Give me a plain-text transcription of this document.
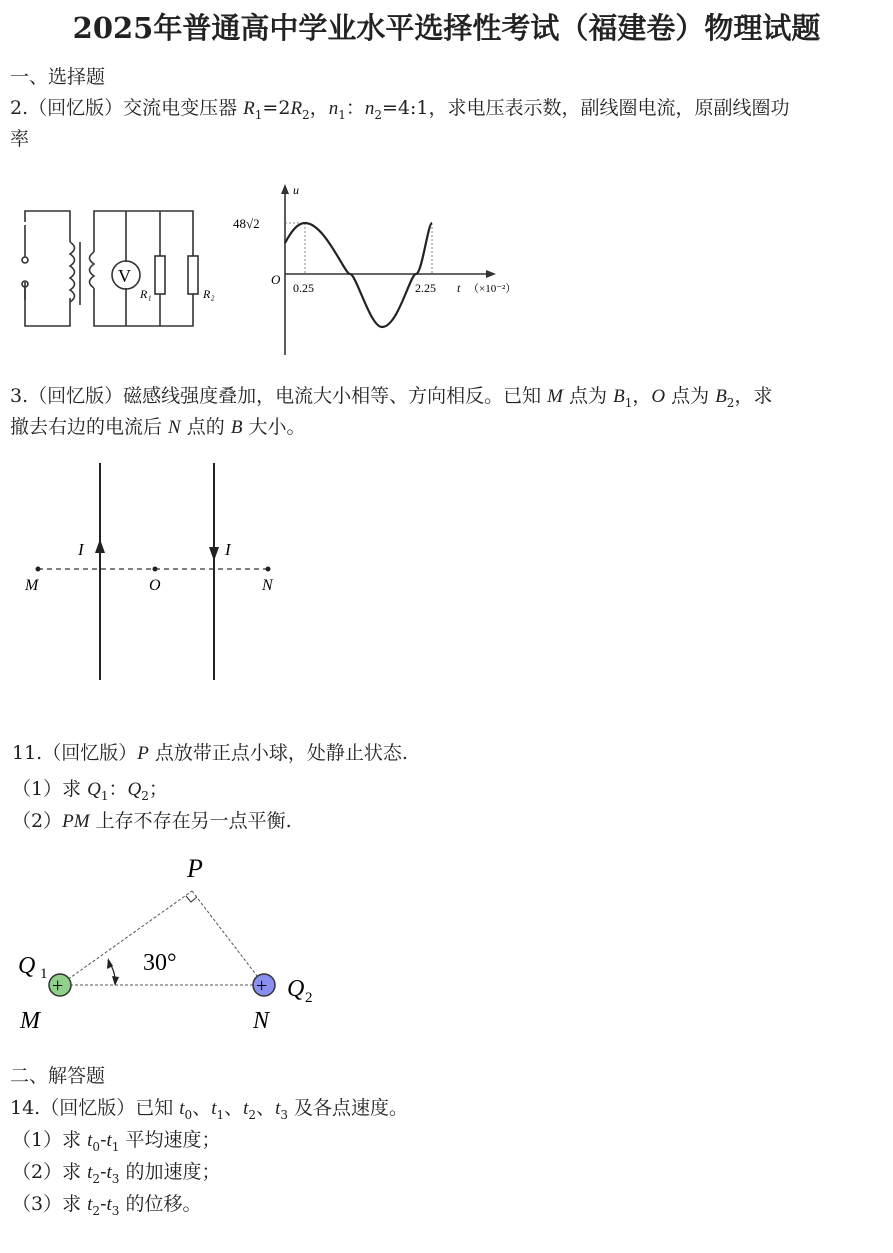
2025年普通高中学业水平选择性考试（福建卷）物理试题
一、选择题
2.（回忆版）交流电变压器 $R_1=2R_2$，$n_1$：$n_2=4:1$，求电压表示数，副线圈电流，原副线圈功
率
V
R₁	R₂
u
48√2
O
0.25	2.25 t （×10⁻²）
3.（回忆版）磁感线强度叠加，电流大小相等、方向相反。已知 M 点为 $B_1$，O 点为 $B_2$，求
撤去右边的电流后 N 点的 B 大小。
I	I
M	O	N
11.（回忆版）P 点放带正点小球，处静止状态.
（1）求 $Q_1$：$Q_2$；
（2）PM 上存不存在另一点平衡.
+	+
P
30°
Q 1
Q 2
M	N
二、解答题
14.（回忆版）已知 $t_0$、$t_1$、$t_2$、$t_3$ 及各点速度。
（1）求 $t_0-t_1$ 平均速度；
（2）求 $t_2-t_3$ 的加速度；
（3）求 $t_2-t_3$ 的位移。
